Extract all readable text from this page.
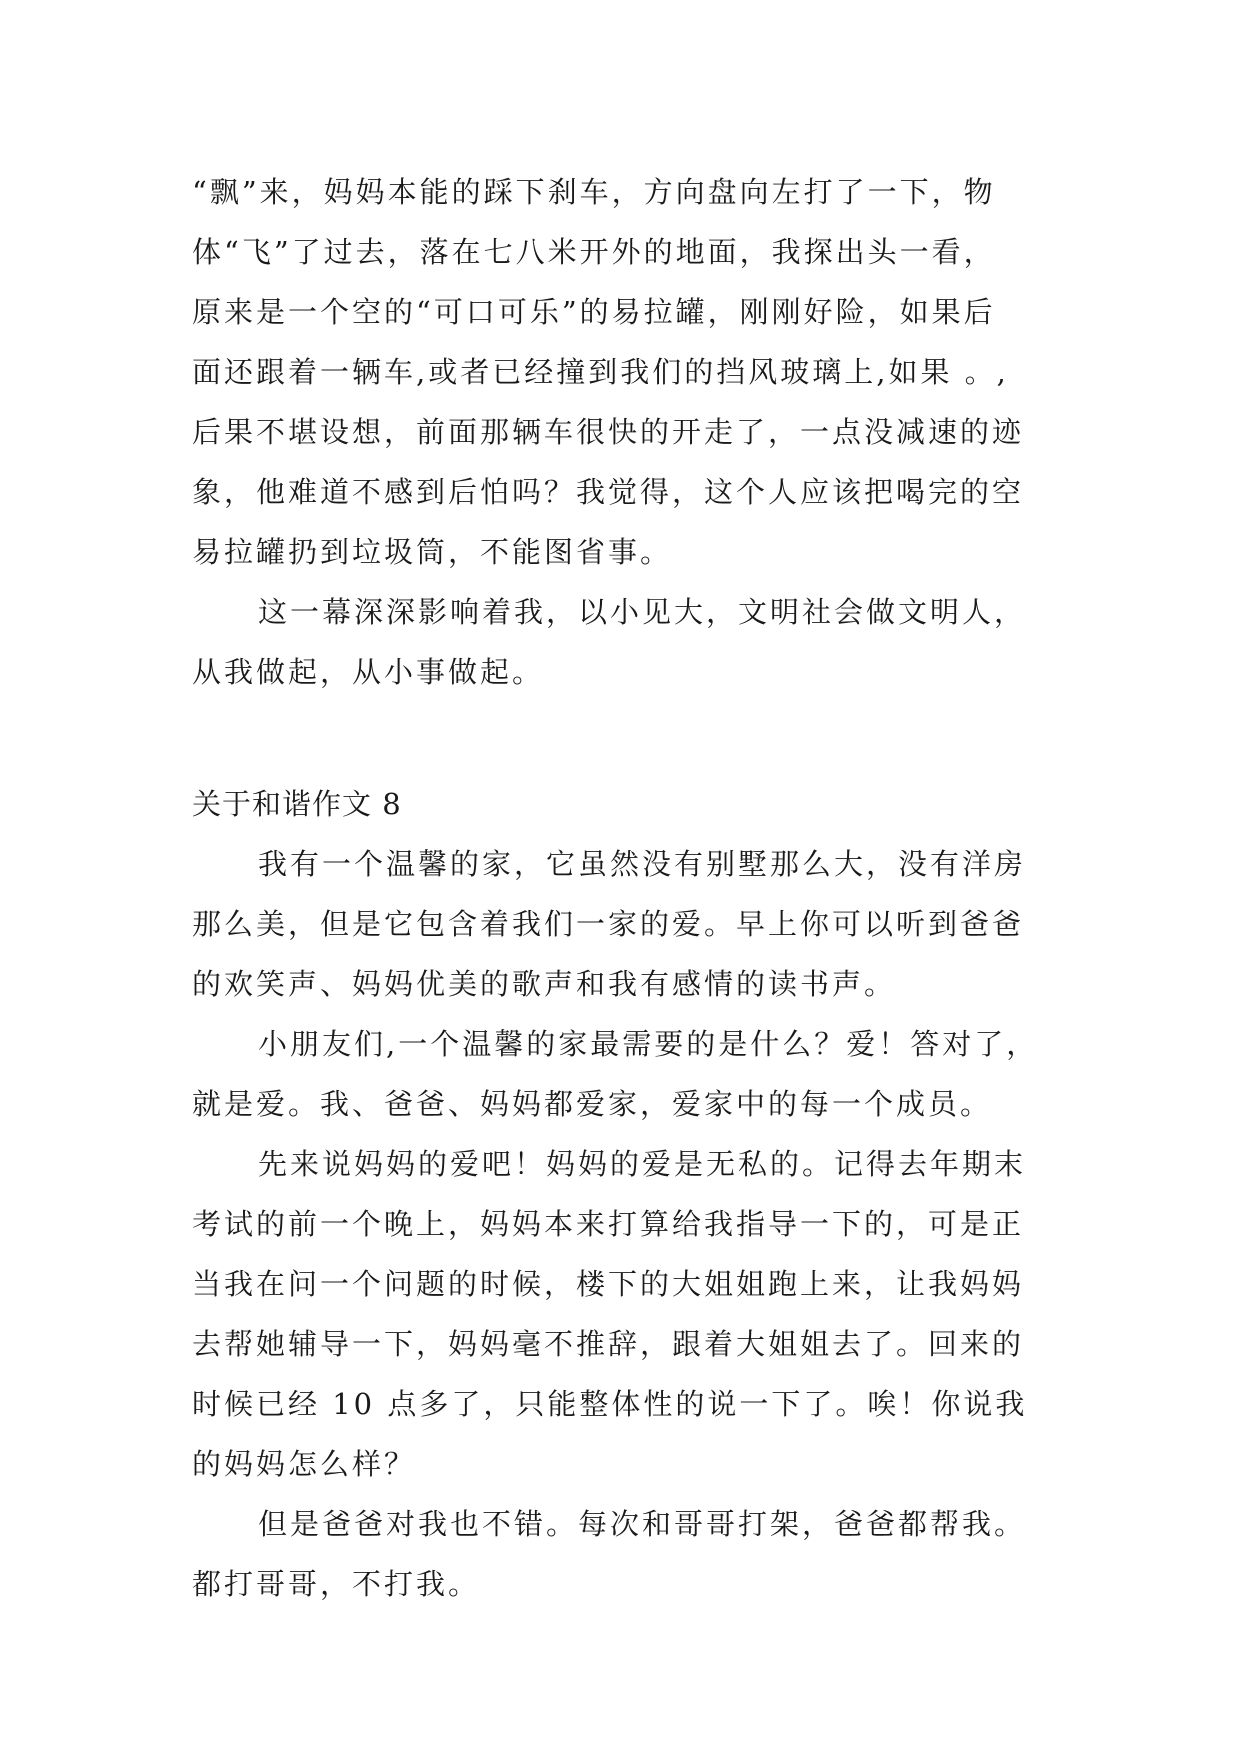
“飘”来，妈妈本能的踩下刹车，方向盘向左打了一下，物
体“飞”了过去，落在七八米开外的地面，我探出头一看，
原来是一个空的“可口可乐”的易拉罐，刚刚好险，如果后
面还跟着一辆车,或者已经撞到我们的挡风玻璃上,如果 。,
后果不堪设想，前面那辆车很快的开走了，一点没减速的迹
象，他难道不感到后怕吗？我觉得，这个人应该把喝完的空
易拉罐扔到垃圾筒，不能图省事。
这一幕深深影响着我，以小见大，文明社会做文明人，
从我做起，从小事做起。
关于和谐作文 8
我有一个温馨的家，它虽然没有别墅那么大，没有洋房
那么美，但是它包含着我们一家的爱。早上你可以听到爸爸
的欢笑声、妈妈优美的歌声和我有感情的读书声。
小朋友们,一个温馨的家最需要的是什么？爱！答对了，
就是爱。我、爸爸、妈妈都爱家，爱家中的每一个成员。
先来说妈妈的爱吧！妈妈的爱是无私的。记得去年期末
考试的前一个晚上，妈妈本来打算给我指导一下的，可是正
当我在问一个问题的时候，楼下的大姐姐跑上来，让我妈妈
去帮她辅导一下，妈妈毫不推辞，跟着大姐姐去了。回来的
时候已经 10 点多了，只能整体性的说一下了。唉！你说我
的妈妈怎么样？
但是爸爸对我也不错。每次和哥哥打架，爸爸都帮我。
都打哥哥，不打我。
